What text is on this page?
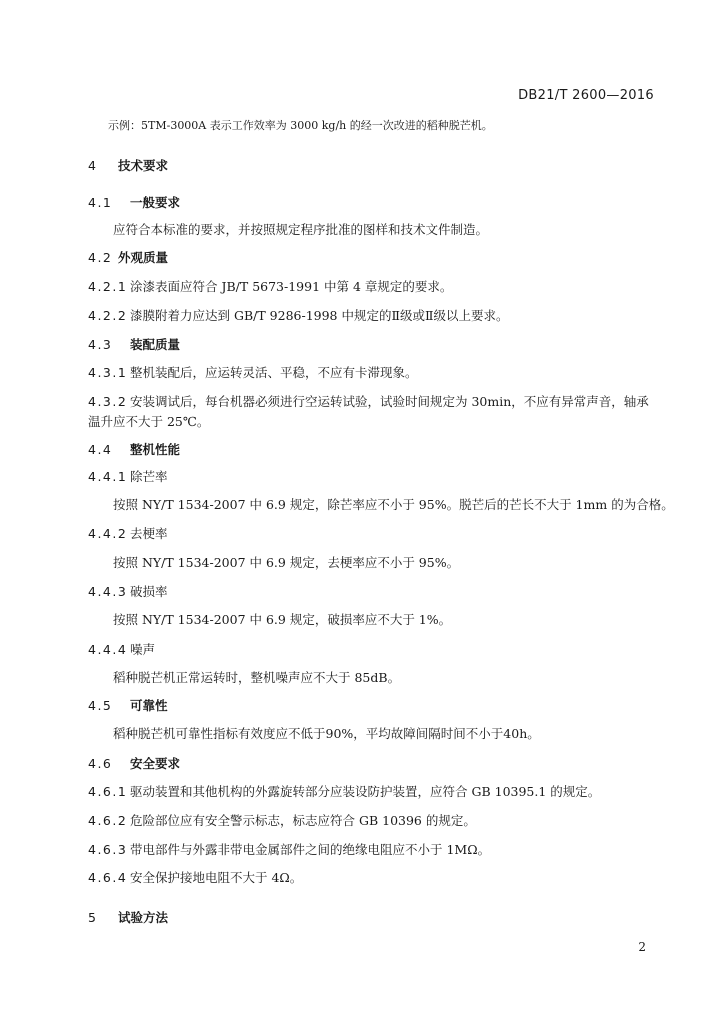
DB21/T 2600—2016
示例：5TM-3000A 表示工作效率为 3000 kg/h 的经一次改进的稻种脱芒机。
4 技术要求
4.1 一般要求
应符合本标准的要求，并按照规定程序批准的图样和技术文件制造。
4.2 外观质量
4.2.1 涂漆表面应符合 JB/T 5673-1991 中第 4 章规定的要求。
4.2.2 漆膜附着力应达到 GB/T 9286-1998 中规定的Ⅱ级或Ⅱ级以上要求。
4.3 装配质量
4.3.1 整机装配后，应运转灵活、平稳，不应有卡滞现象。
4.3.2 安装调试后，每台机器必须进行空运转试验，试验时间规定为 30min，不应有异常声音，轴承温升应不大于 25℃。
4.4 整机性能
4.4.1 除芒率
按照 NY/T 1534-2007 中 6.9 规定，除芒率应不小于 95%。脱芒后的芒长不大于 1mm 的为合格。
4.4.2 去梗率
按照 NY/T 1534-2007 中 6.9 规定，去梗率应不小于 95%。
4.4.3 破损率
按照 NY/T 1534-2007 中 6.9 规定，破损率应不大于 1%。
4.4.4 噪声
稻种脱芒机正常运转时，整机噪声应不大于 85dB。
4.5 可靠性
稻种脱芒机可靠性指标有效度应不低于90%，平均故障间隔时间不小于40h。
4.6 安全要求
4.6.1 驱动装置和其他机构的外露旋转部分应装设防护装置，应符合 GB 10395.1 的规定。
4.6.2 危险部位应有安全警示标志，标志应符合 GB 10396 的规定。
4.6.3 带电部件与外露非带电金属部件之间的绝缘电阻应不小于 1MΩ。
4.6.4 安全保护接地电阻不大于 4Ω。
5 试验方法
2
